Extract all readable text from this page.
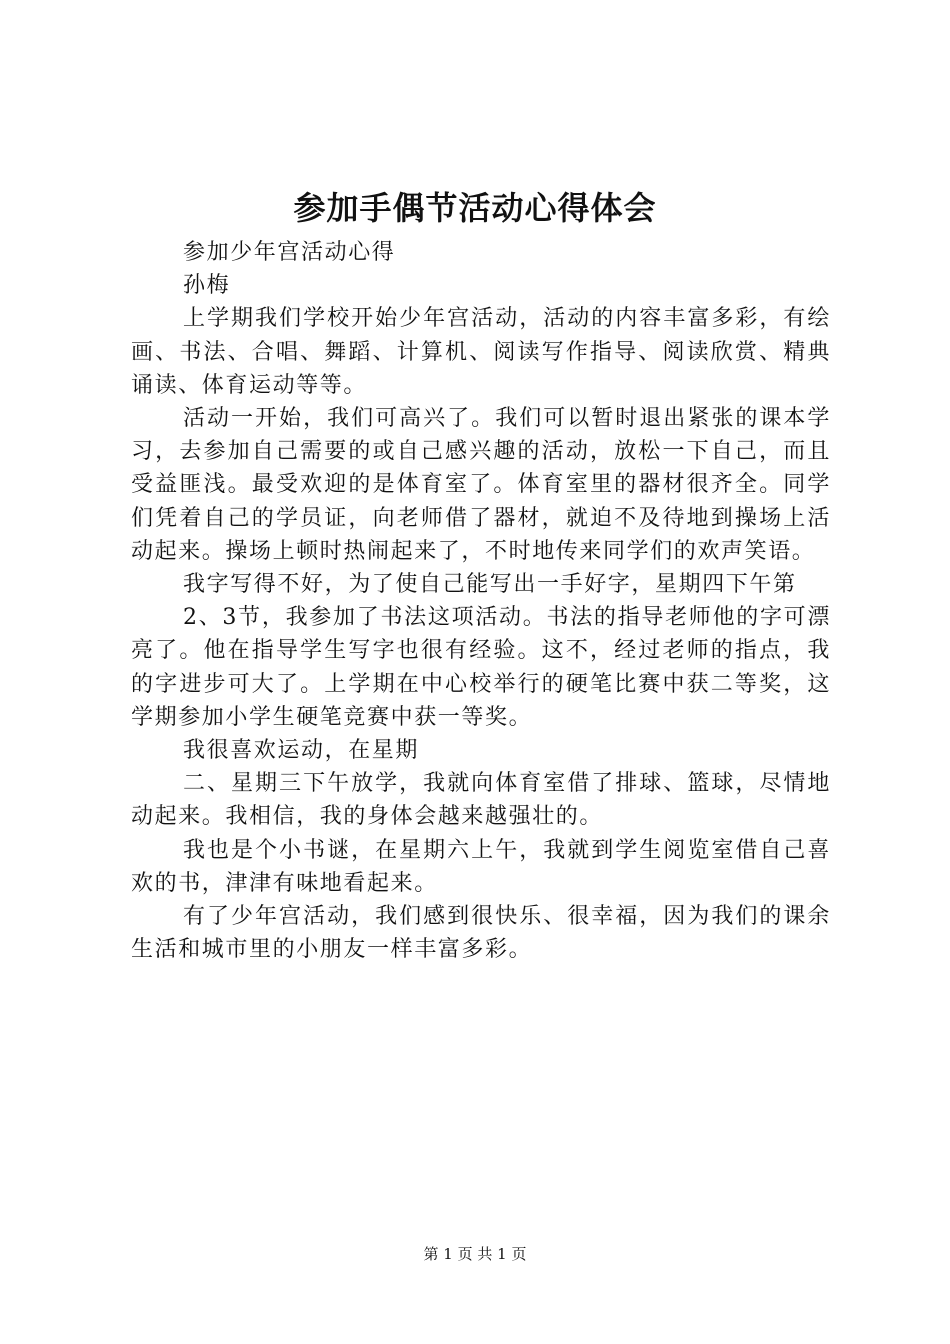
参加手偶节活动心得体会

参加少年宫活动心得

孙梅

上学期我们学校开始少年宫活动，活动的内容丰富多彩，有绘画、书法、合唱、舞蹈、计算机、阅读写作指导、阅读欣赏、精典诵读、体育运动等等。

活动一开始，我们可高兴了。我们可以暂时退出紧张的课本学习，去参加自己需要的或自己感兴趣的活动，放松一下自己，而且受益匪浅。最受欢迎的是体育室了。体育室里的器材很齐全。同学们凭着自己的学员证，向老师借了器材，就迫不及待地到操场上活动起来。操场上顿时热闹起来了，不时地传来同学们的欢声笑语。

我字写得不好，为了使自己能写出一手好字，星期四下午第

2、3节，我参加了书法这项活动。书法的指导老师他的字可漂亮了。他在指导学生写字也很有经验。这不，经过老师的指点，我的字进步可大了。上学期在中心校举行的硬笔比赛中获二等奖，这学期参加小学生硬笔竞赛中获一等奖。

我很喜欢运动，在星期

二、星期三下午放学，我就向体育室借了排球、篮球，尽情地动起来。我相信，我的身体会越来越强壮的。

我也是个小书谜，在星期六上午，我就到学生阅览室借自己喜欢的书，津津有味地看起来。

有了少年宫活动，我们感到很快乐、很幸福，因为我们的课余生活和城市里的小朋友一样丰富多彩。

第 1 页 共 1 页
